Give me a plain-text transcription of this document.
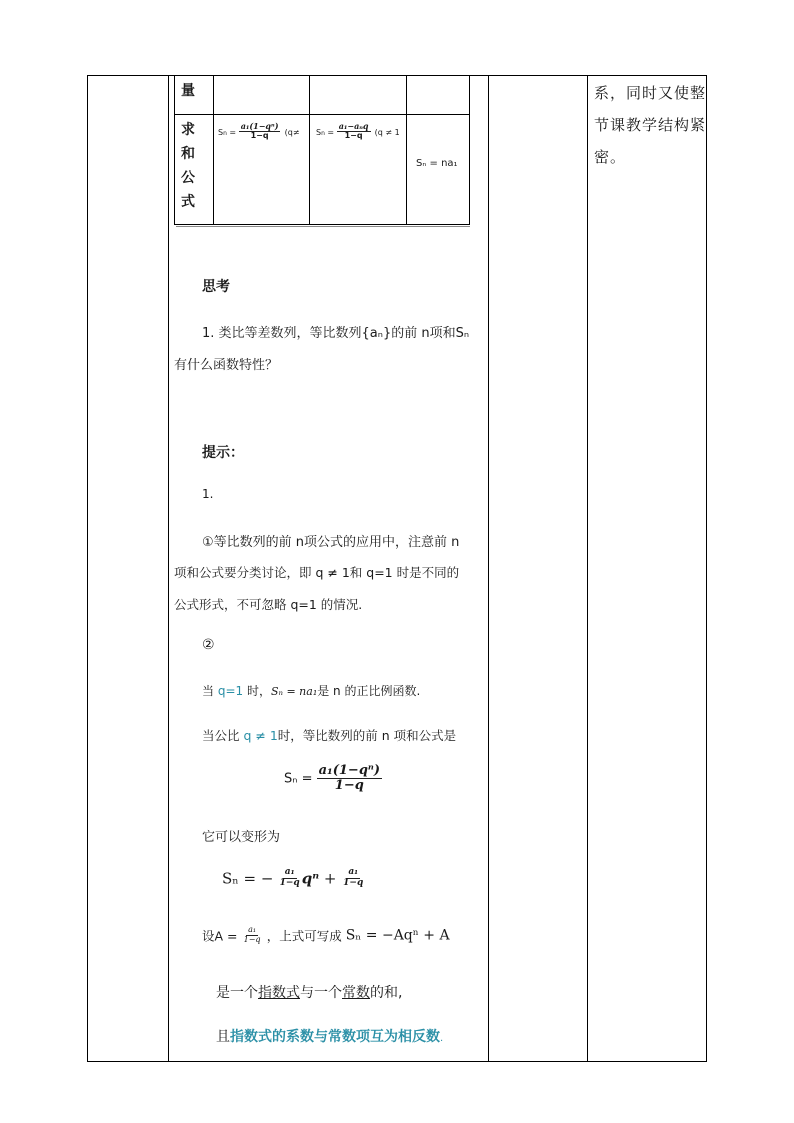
量
求
和
公
式
$Sn = \frac{\text{a₁(1−qⁿ)}}{1-q} (q\ne$	$Sn = \frac{\text{a₁−aₙq}}{1-q} (q \ne 1$
Sₙ = na₁
思考
1. 类比等差数列，等比数列{aₙ}的前 n项和Sₙ
有什么函数特性？
提示：
1.
①等比数列的前 n项公式的应用中，注意前 n
项和公式要分类讨论，即 q ≠ 1和 q=1 时是不同的
公式形式，不可忽略 q=1 的情况.
②
当 q=1 时，Sₙ = na₁是 n 的正比例函数.
当公比 q ≠ 1时，等比数列的前 n 项和公式是
$S_n = \frac{\text{a₁(1−qⁿ)}}{1-q}$
它可以变形为
Sₙ = − $\frac{\text{a₁}}{1-q}$ $q^n + \frac{\text{a₁}}{1-q}$
设$A = \frac{\text{a₁}}{1-q}$ ，上式可写成 Sₙ = −Aqⁿ + A
是一个指数式与一个常数的和,
且指数式的系数与常数项互为相反数.
系，同时又使整
节课教学结构紧
密。
